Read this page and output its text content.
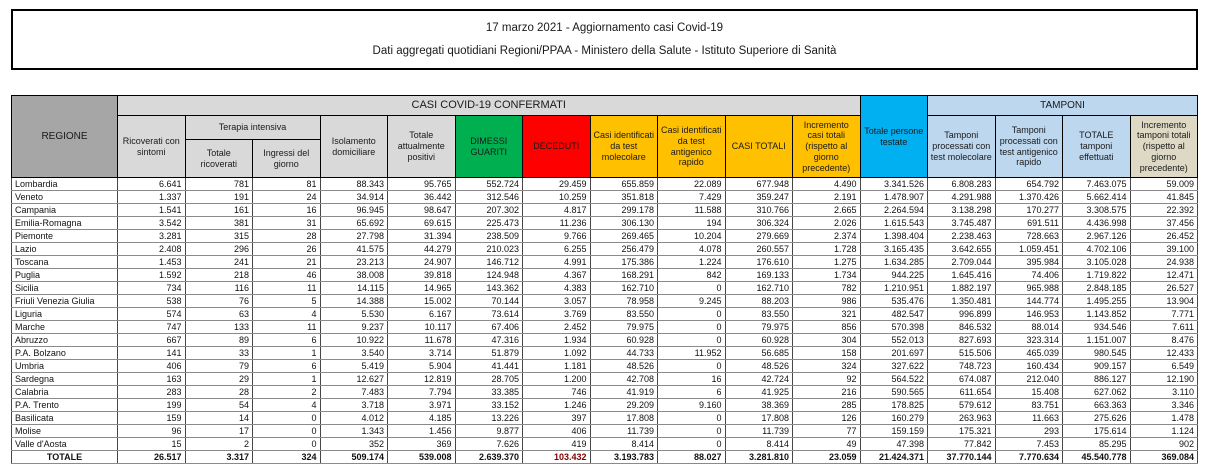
17 marzo 2021 - Aggiornamento casi Covid-19
Dati aggregati quotidiani Regioni/PPAA - Ministero della Salute - Istituto Superiore di Sanità
REGIONE	CASI COVID-19 CONFERMATI											Totale persone testate	TAMPONI			
	Ricoverati con sintomi	Terapia intensiva		Isolamento domiciliare	Totale attualmente positivi	DIMESSI GUARITI	DECEDUTI	Casi identificati da test molecolare	Casi identificati da test antigenico rapido	CASI TOTALI	Incremento casi totali (rispetto al giorno precedente)		Tamponi processati con test molecolare	Tamponi processati con test antigenico rapido	TOTALE tamponi effettuati	Incremento tamponi totali (rispetto al giorno precedente)
		Totale ricoverati	Ingressi del giorno													
Lombardia	6.641	781	81	88.343	95.765	552.724	29.459	655.859	22.089	677.948	4.490	3.341.526	6.808.283	654.792	7.463.075	59.009
Veneto	1.337	191	24	34.914	36.442	312.546	10.259	351.818	7.429	359.247	2.191	1.478.907	4.291.988	1.370.426	5.662.414	41.845
Campania	1.541	161	16	96.945	98.647	207.302	4.817	299.178	11.588	310.766	2.665	2.264.594	3.138.298	170.277	3.308.575	22.392
Emilia-Romagna	3.542	381	31	65.692	69.615	225.473	11.236	306.130	194	306.324	2.026	1.615.543	3.745.487	691.511	4.436.998	37.456
Piemonte	3.281	315	28	27.798	31.394	238.509	9.766	269.465	10.204	279.669	2.374	1.398.404	2.238.463	728.663	2.967.126	26.452
Lazio	2.408	296	26	41.575	44.279	210.023	6.255	256.479	4.078	260.557	1.728	3.165.435	3.642.655	1.059.451	4.702.106	39.100
Toscana	1.453	241	21	23.213	24.907	146.712	4.991	175.386	1.224	176.610	1.275	1.634.285	2.709.044	395.984	3.105.028	24.938
Puglia	1.592	218	46	38.008	39.818	124.948	4.367	168.291	842	169.133	1.734	944.225	1.645.416	74.406	1.719.822	12.471
Sicilia	734	116	11	14.115	14.965	143.362	4.383	162.710	0	162.710	782	1.210.951	1.882.197	965.988	2.848.185	26.527
Friuli Venezia Giulia	538	76	5	14.388	15.002	70.144	3.057	78.958	9.245	88.203	986	535.476	1.350.481	144.774	1.495.255	13.904
Liguria	574	63	4	5.530	6.167	73.614	3.769	83.550	0	83.550	321	482.547	996.899	146.953	1.143.852	7.771
Marche	747	133	11	9.237	10.117	67.406	2.452	79.975	0	79.975	856	570.398	846.532	88.014	934.546	7.611
Abruzzo	667	89	6	10.922	11.678	47.316	1.934	60.928	0	60.928	304	552.013	827.693	323.314	1.151.007	8.476
P.A. Bolzano	141	33	1	3.540	3.714	51.879	1.092	44.733	11.952	56.685	158	201.697	515.506	465.039	980.545	12.433
Umbria	406	79	6	5.419	5.904	41.441	1.181	48.526	0	48.526	324	327.622	748.723	160.434	909.157	6.549
Sardegna	163	29	1	12.627	12.819	28.705	1.200	42.708	16	42.724	92	564.522	674.087	212.040	886.127	12.190
Calabria	283	28	2	7.483	7.794	33.385	746	41.919	6	41.925	216	590.565	611.654	15.408	627.062	3.110
P.A. Trento	199	54	4	3.718	3.971	33.152	1.246	29.209	9.160	38.369	285	178.825	579.612	83.751	663.363	3.346
Basilicata	159	14	0	4.012	4.185	13.226	397	17.808	0	17.808	126	160.279	263.963	11.663	275.626	1.478
Molise	96	17	0	1.343	1.456	9.877	406	11.739	0	11.739	77	159.159	175.321	293	175.614	1.124
Valle d'Aosta	15	2	0	352	369	7.626	419	8.414	0	8.414	49	47.398	77.842	7.453	85.295	902
TOTALE	26.517	3.317	324	509.174	539.008	2.639.370	103.432	3.193.783	88.027	3.281.810	23.059	21.424.371	37.770.144	7.770.634	45.540.778	369.084
